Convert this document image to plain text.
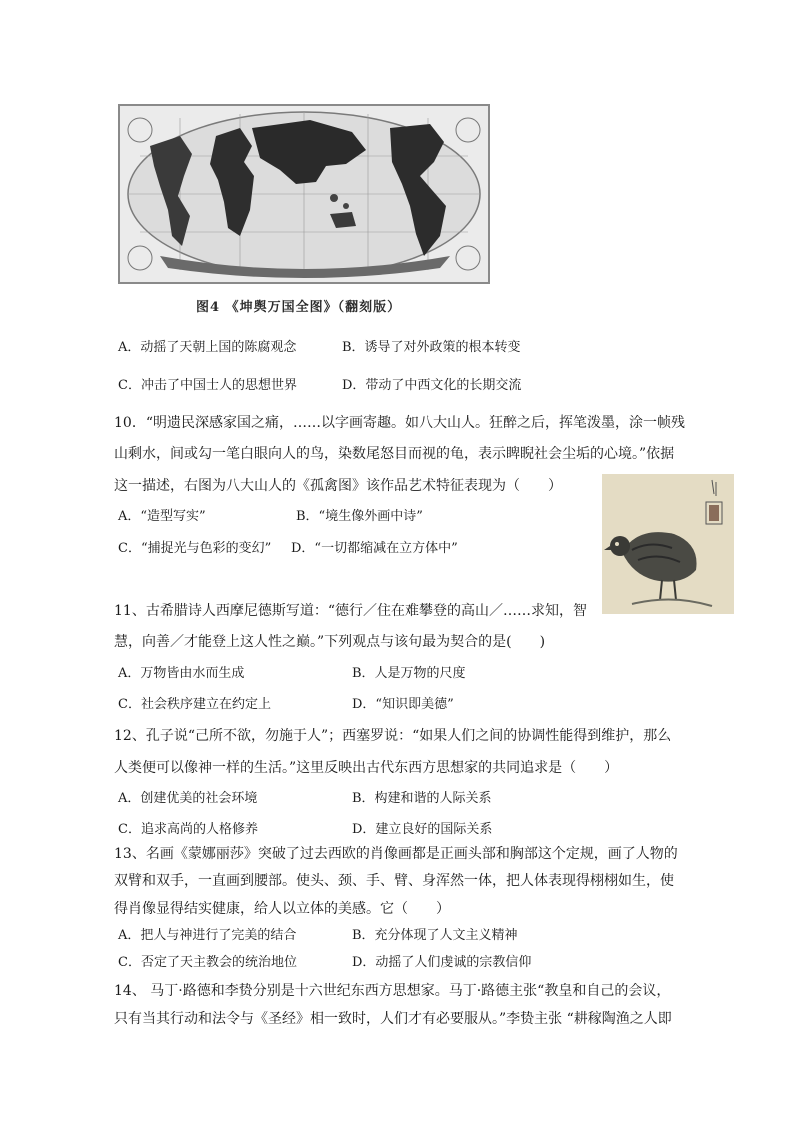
图4 《坤舆万国全图》（翻刻版）
A．动摇了天朝上国的陈腐观念	B．诱导了对外政策的根本转变
C．冲击了中国士人的思想世界	D．带动了中西文化的长期交流
10．“明遗民深感家国之痛，……以字画寄趣。如八大山人。狂醉之后，挥笔泼墨，涂一帧残
山剩水，间或勾一笔白眼向人的鸟，染数尾怒目而视的龟，表示睥睨社会尘垢的心境。”依据
这一描述，右图为八大山人的《孤禽图》该作品艺术特征表现为（　　）
A．“造型写实”	B．“境生像外画中诗”
C．“捕捉光与色彩的变幻” D．“一切都缩减在立方体中”
11、古希腊诗人西摩尼德斯写道：“德行／住在难攀登的高山／……求知，智
慧，向善／才能登上这人性之巅。”下列观点与该句最为契合的是(　　)
A．万物皆由水而生成	B．人是万物的尺度
C．社会秩序建立在约定上	D．“知识即美德”
12、孔子说“己所不欲，勿施于人”；西塞罗说：“如果人们之间的协调性能得到维护，那么
人类便可以像神一样的生活。”这里反映出古代东西方思想家的共同追求是（　　）
A．创建优美的社会环境	B．构建和谐的人际关系
C．追求高尚的人格修养	D．建立良好的国际关系
13、名画《蒙娜丽莎》突破了过去西欧的肖像画都是正画头部和胸部这个定规，画了人物的
双臂和双手，一直画到腰部。使头、颈、手、臂、身浑然一体，把人体表现得栩栩如生，使
得肖像显得结实健康，给人以立体的美感。它（　　）
A．把人与神进行了完美的结合	B．充分体现了人文主义精神
C．否定了天主教会的统治地位	D．动摇了人们虔诚的宗教信仰
14、 马丁·路德和李贽分别是十六世纪东西方思想家。马丁·路德主张“教皇和自己的会议，
只有当其行动和法令与《圣经》相一致时，人们才有必要服从。”李贽主张 “耕稼陶渔之人即
